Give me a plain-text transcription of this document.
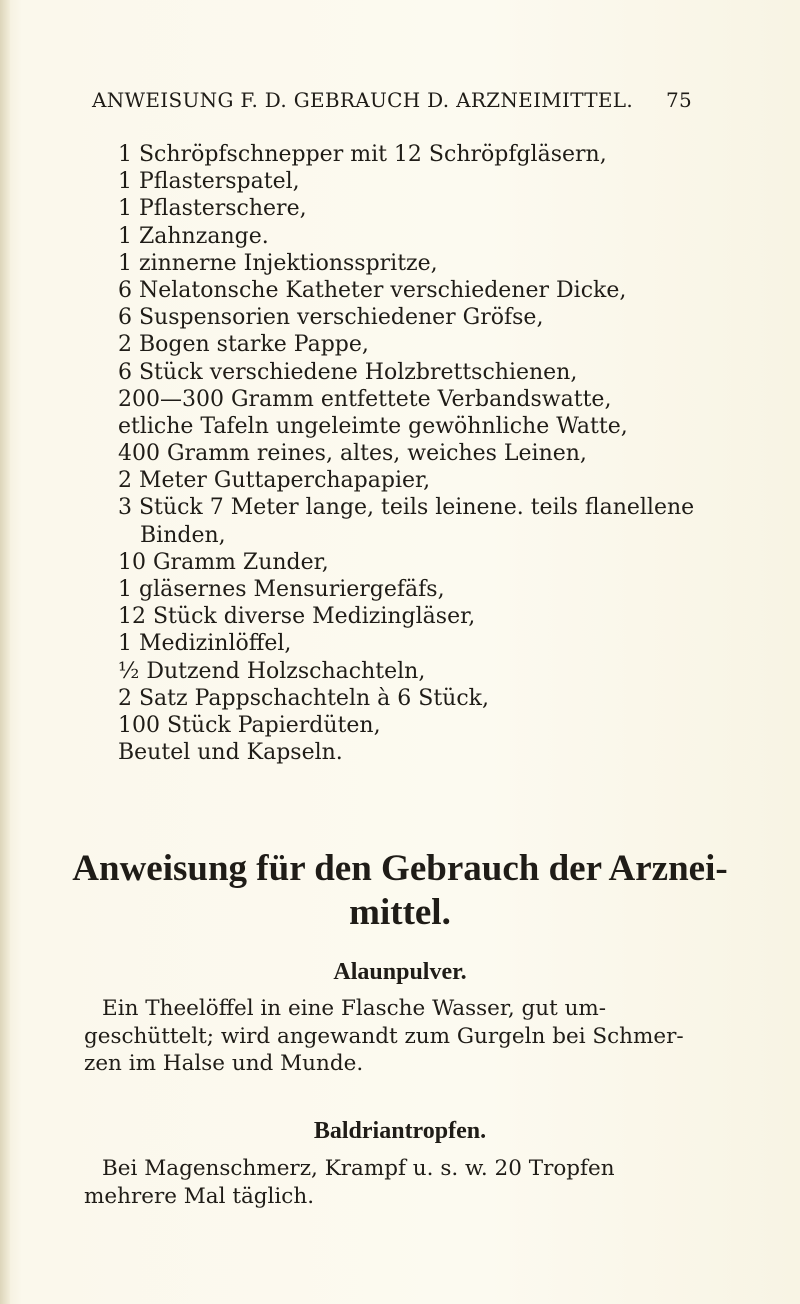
ANWEISUNG F. D. GEBRAUCH D. ARZNEIMITTEL. 75
1 Schröpfschnepper mit 12 Schröpfgläsern,
1 Pflasterspatel,
1 Pflasterschere,
1 Zahnzange.
1 zinnerne Injektionsspritze,
6 Nelatonsche Katheter verschiedener Dicke,
6 Suspensorien verschiedener Gröfse,
2 Bogen starke Pappe,
6 Stück verschiedene Holzbrettschienen,
200—300 Gramm entfettete Verbandswatte,
etliche Tafeln ungeleimte gewöhnliche Watte,
400 Gramm reines, altes, weiches Leinen,
2 Meter Guttaperchapapier,
3 Stück 7 Meter lange, teils leinene. teils flanellene
Binden,
10 Gramm Zunder,
1 gläsernes Mensuriergefäfs,
12 Stück diverse Medizingläser,
1 Medizinlöffel,
½ Dutzend Holzschachteln,
2 Satz Pappschachteln à 6 Stück,
100 Stück Papierdüten,
Beutel und Kapseln.
Anweisung für den Gebrauch der Arznei-
mittel.
Alaunpulver.

Ein Theelöffel in eine Flasche Wasser, gut um-
geschüttelt; wird angewandt zum Gurgeln bei Schmer-
zen im Halse und Munde.

Baldriantropfen.

Bei Magenschmerz, Krampf u. s. w. 20 Tropfen
mehrere Mal täglich.
